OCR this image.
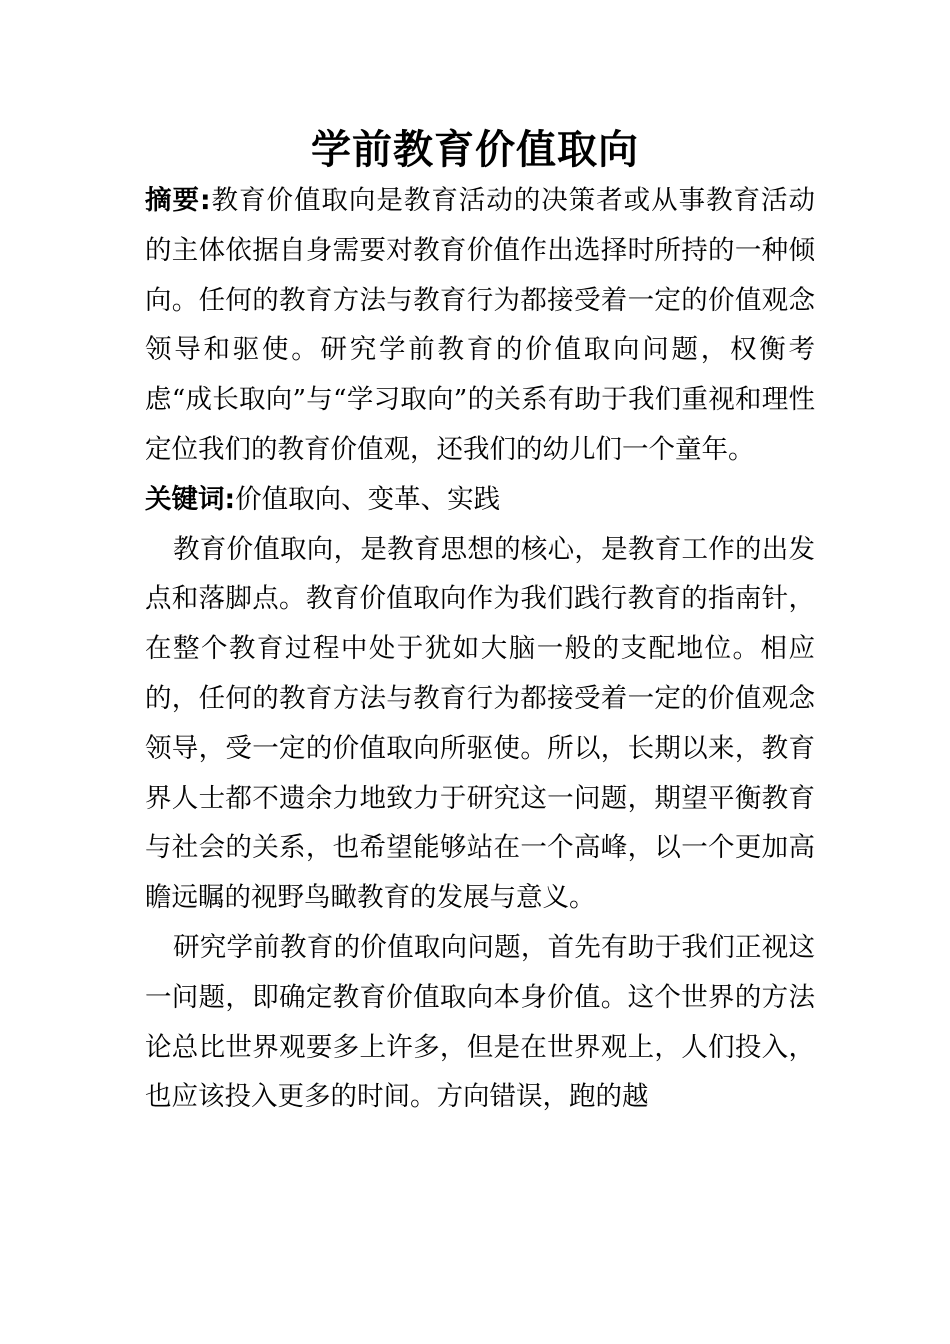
学前教育价值取向

摘要:教育价值取向是教育活动的决策者或从事教育活动的主体依据自身需要对教育价值作出选择时所持的一种倾向。任何的教育方法与教育行为都接受着一定的价值观念领导和驱使。研究学前教育的价值取向问题，权衡考虑“成长取向”与“学习取向”的关系有助于我们重视和理性定位我们的教育价值观，还我们的幼儿们一个童年。

关键词:价值取向、变革、实践

教育价值取向，是教育思想的核心，是教育工作的出发点和落脚点。教育价值取向作为我们践行教育的指南针，在整个教育过程中处于犹如大脑一般的支配地位。相应的，任何的教育方法与教育行为都接受着一定的价值观念领导，受一定的价值取向所驱使。所以，长期以来，教育界人士都不遗余力地致力于研究这一问题，期望平衡教育与社会的关系，也希望能够站在一个高峰，以一个更加高瞻远瞩的视野鸟瞰教育的发展与意义。

研究学前教育的价值取向问题，首先有助于我们正视这一问题，即确定教育价值取向本身价值。这个世界的方法论总比世界观要多上许多，但是在世界观上，人们投入，也应该投入更多的时间。方向错误，跑的越
